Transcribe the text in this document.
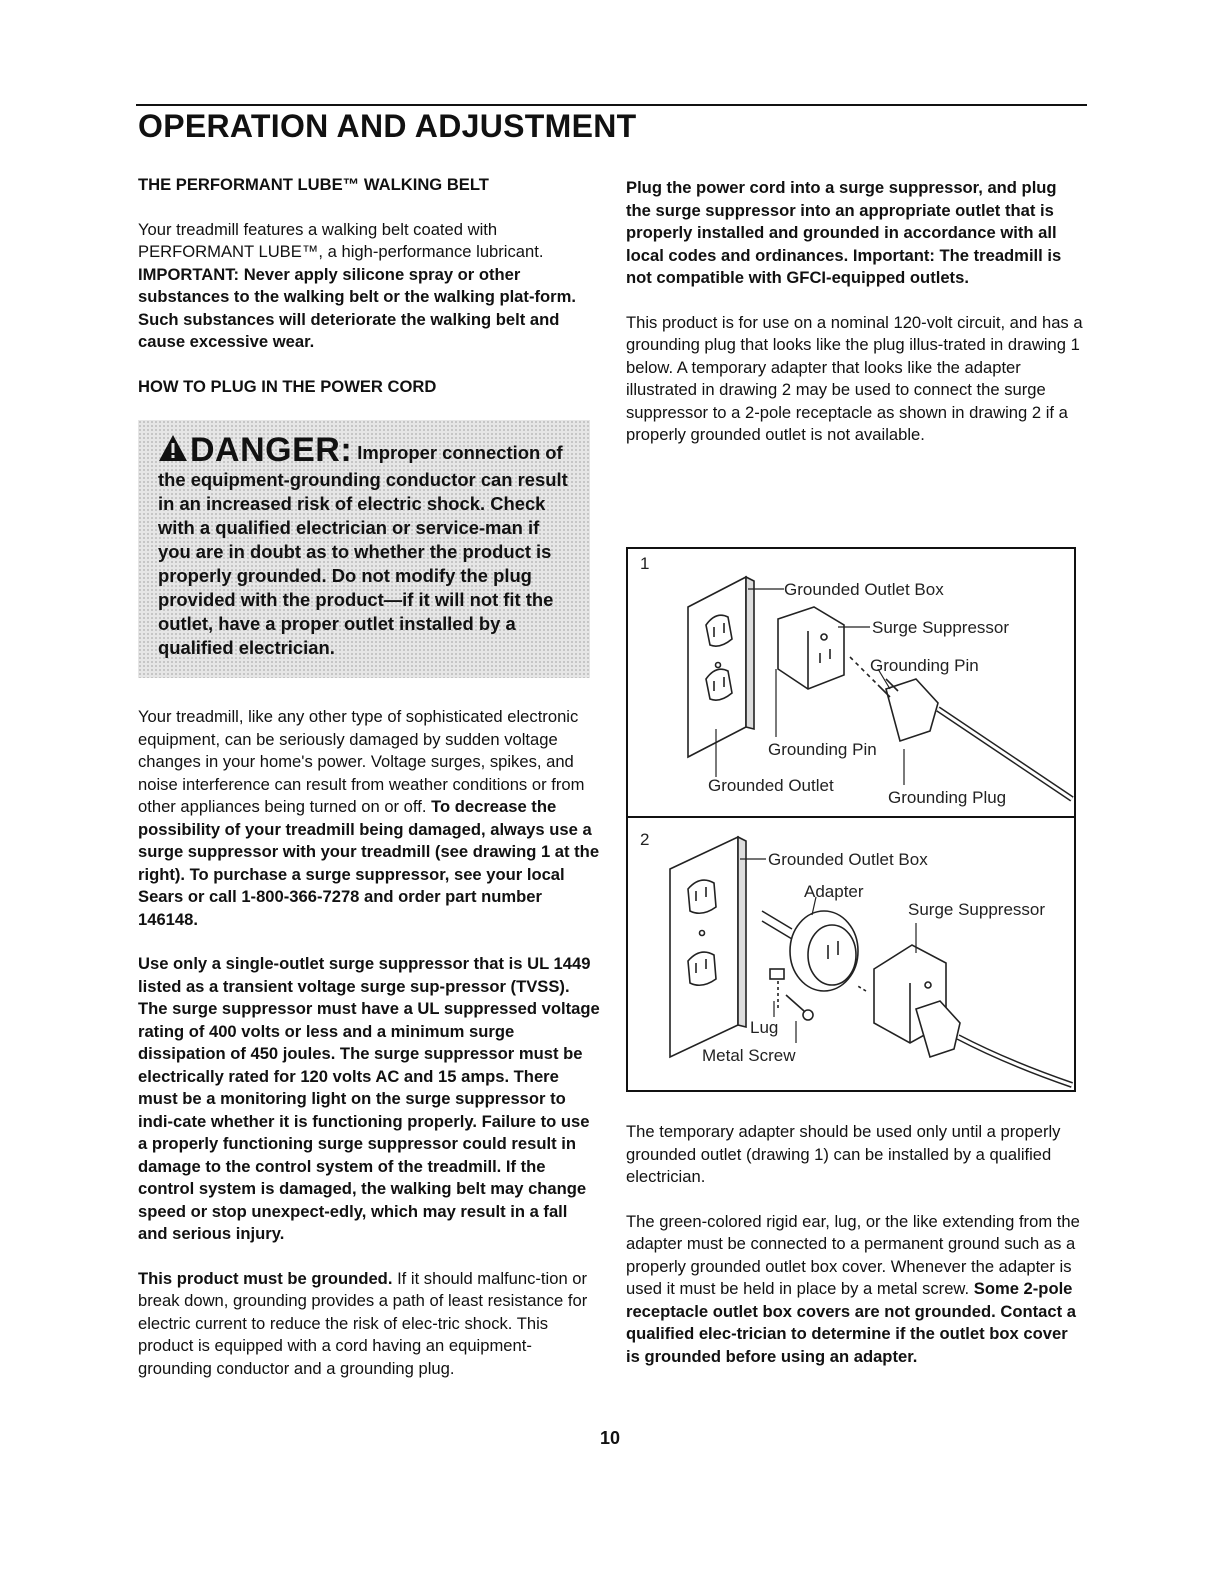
OPERATION AND ADJUSTMENT
THE PERFORMANT LUBE™ WALKING BELT

Your treadmill features a walking belt coated with PERFORMANT LUBE™, a high-performance lubricant. IMPORTANT: Never apply silicone spray or other substances to the walking belt or the walking plat-form. Such substances will deteriorate the walking belt and cause excessive wear.

HOW TO PLUG IN THE POWER CORD
DANGER: Improper connection of the equipment-grounding conductor can result in an increased risk of electric shock. Check with a qualified electrician or service-man if you are in doubt as to whether the product is properly grounded. Do not modify the plug provided with the product—if it will not fit the outlet, have a proper outlet installed by a qualified electrician.

Your treadmill, like any other type of sophisticated electronic equipment, can be seriously damaged by sudden voltage changes in your home's power. Voltage surges, spikes, and noise interference can result from weather conditions or from other appliances being turned on or off. To decrease the possibility of your treadmill being damaged, always use a surge suppressor with your treadmill (see drawing 1 at the right). To purchase a surge suppressor, see your local Sears or call 1-800-366-7278 and order part number 146148.

Use only a single-outlet surge suppressor that is UL 1449 listed as a transient voltage surge sup-pressor (TVSS). The surge suppressor must have a UL suppressed voltage rating of 400 volts or less and a minimum surge dissipation of 450 joules. The surge suppressor must be electrically rated for 120 volts AC and 15 amps. There must be a monitoring light on the surge suppressor to indi-cate whether it is functioning properly. Failure to use a properly functioning surge suppressor could result in damage to the control system of the treadmill. If the control system is damaged, the walking belt may change speed or stop unexpect-edly, which may result in a fall and serious injury.

This product must be grounded. If it should malfunc-tion or break down, grounding provides a path of least resistance for electric current to reduce the risk of elec-tric shock. This product is equipped with a cord having an equipment-grounding conductor and a grounding plug.

Plug the power cord into a surge suppressor, and plug the surge suppressor into an appropriate outlet that is properly installed and grounded in accordance with all local codes and ordinances. Important: The treadmill is not compatible with GFCI-equipped outlets.

This product is for use on a nominal 120-volt circuit, and has a grounding plug that looks like the plug illus-trated in drawing 1 below. A temporary adapter that looks like the adapter illustrated in drawing 2 may be used to connect the surge suppressor to a 2-pole receptacle as shown in drawing 2 if a properly grounded outlet is not available.

1
Grounded Outlet Box
Surge Suppressor
Grounding Pin
Grounding Pin
Grounded Outlet
Grounding Plug
2
Grounded Outlet Box
Adapter
Surge Suppressor
Lug
Metal Screw

The temporary adapter should be used only until a properly grounded outlet (drawing 1) can be installed by a qualified electrician.

The green-colored rigid ear, lug, or the like extending from the adapter must be connected to a permanent ground such as a properly grounded outlet box cover. Whenever the adapter is used it must be held in place by a metal screw. Some 2-pole receptacle outlet box covers are not grounded. Contact a qualified elec-trician to determine if the outlet box cover is grounded before using an adapter.

10
